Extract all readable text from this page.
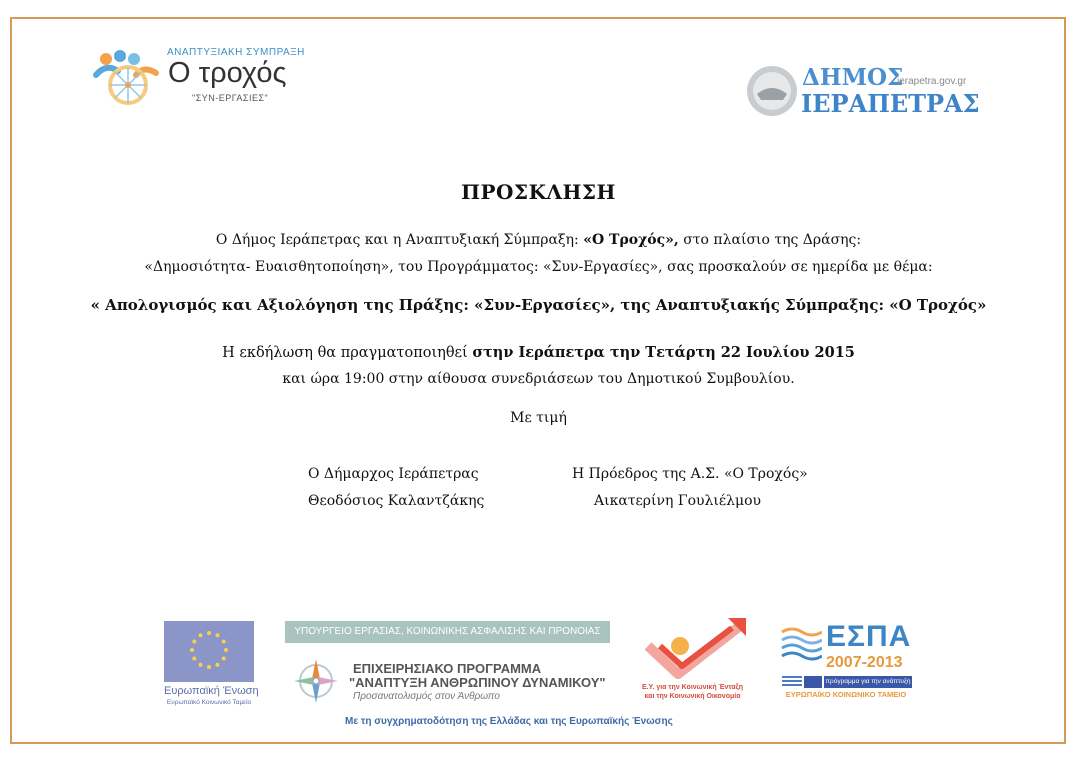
ΑΝΑΠΤΥΞΙΑΚΗ ΣΥΜΠΡΑΞΗ
Ο τροχός
"ΣΥΝ-ΕΡΓΑΣΙΕΣ"
ΔΗΜΟΣ
ierapetra.gov.gr
ΙΕΡΑΠΕΤΡΑΣ
ΠΡΟΣΚΛΗΣΗ
Ο Δήμος Ιεράπετρας και η Αναπτυξιακή Σύμπραξη: «Ο Τροχός», στο πλαίσιο της Δράσης:
«Δημοσιότητα- Ευαισθητοποίηση», του Προγράμματος: «Συν-Εργασίες», σας προσκαλούν σε ημερίδα με θέμα:
« Απολογισμός και Αξιολόγηση της Πράξης: «Συν-Εργασίες», της Αναπτυξιακής Σύμπραξης: «Ο Τροχός»
Η εκδήλωση θα πραγματοποιηθεί στην Ιεράπετρα την Τετάρτη 22 Ιουλίου 2015
και ώρα 19:00 στην αίθουσα συνεδριάσεων του Δημοτικού Συμβουλίου.
Με τιμή
Ο Δήμαρχος Ιεράπετρας
Θεοδόσιος Καλαντζάκης
Η Πρόεδρος της Α.Σ. «Ο Τροχός»
Αικατερίνη Γουλιέλμου
Ευρωπαϊκή Ένωση
Ευρωπαϊκό Κοινωνικό Ταμείο
ΥΠΟΥΡΓΕΙΟ ΕΡΓΑΣΙΑΣ, ΚΟΙΝΩΝΙΚΗΣ ΑΣΦΑΛΙΣΗΣ ΚΑΙ ΠΡΟΝΟΙΑΣ
ΕΠΙΧΕΙΡΗΣΙΑΚΟ ΠΡΟΓΡΑΜΜΑ
"ΑΝΑΠΤΥΞΗ ΑΝΘΡΩΠΙΝΟΥ ΔΥΝΑΜΙΚΟΥ"
Προσανατολισμός στον Άνθρωπο
Με τη συγχρηματοδότηση της Ελλάδας και της Ευρωπαϊκής Ένωσης
Ε.Υ. για την Κοινωνική Ένταξη
και την Κοινωνική Οικονομία
ΕΣΠΑ
2007-2013
πρόγραμμα για την ανάπτυξη
ΕΥΡΩΠΑΪΚΟ ΚΟΙΝΩΝΙΚΟ ΤΑΜΕΙΟ
